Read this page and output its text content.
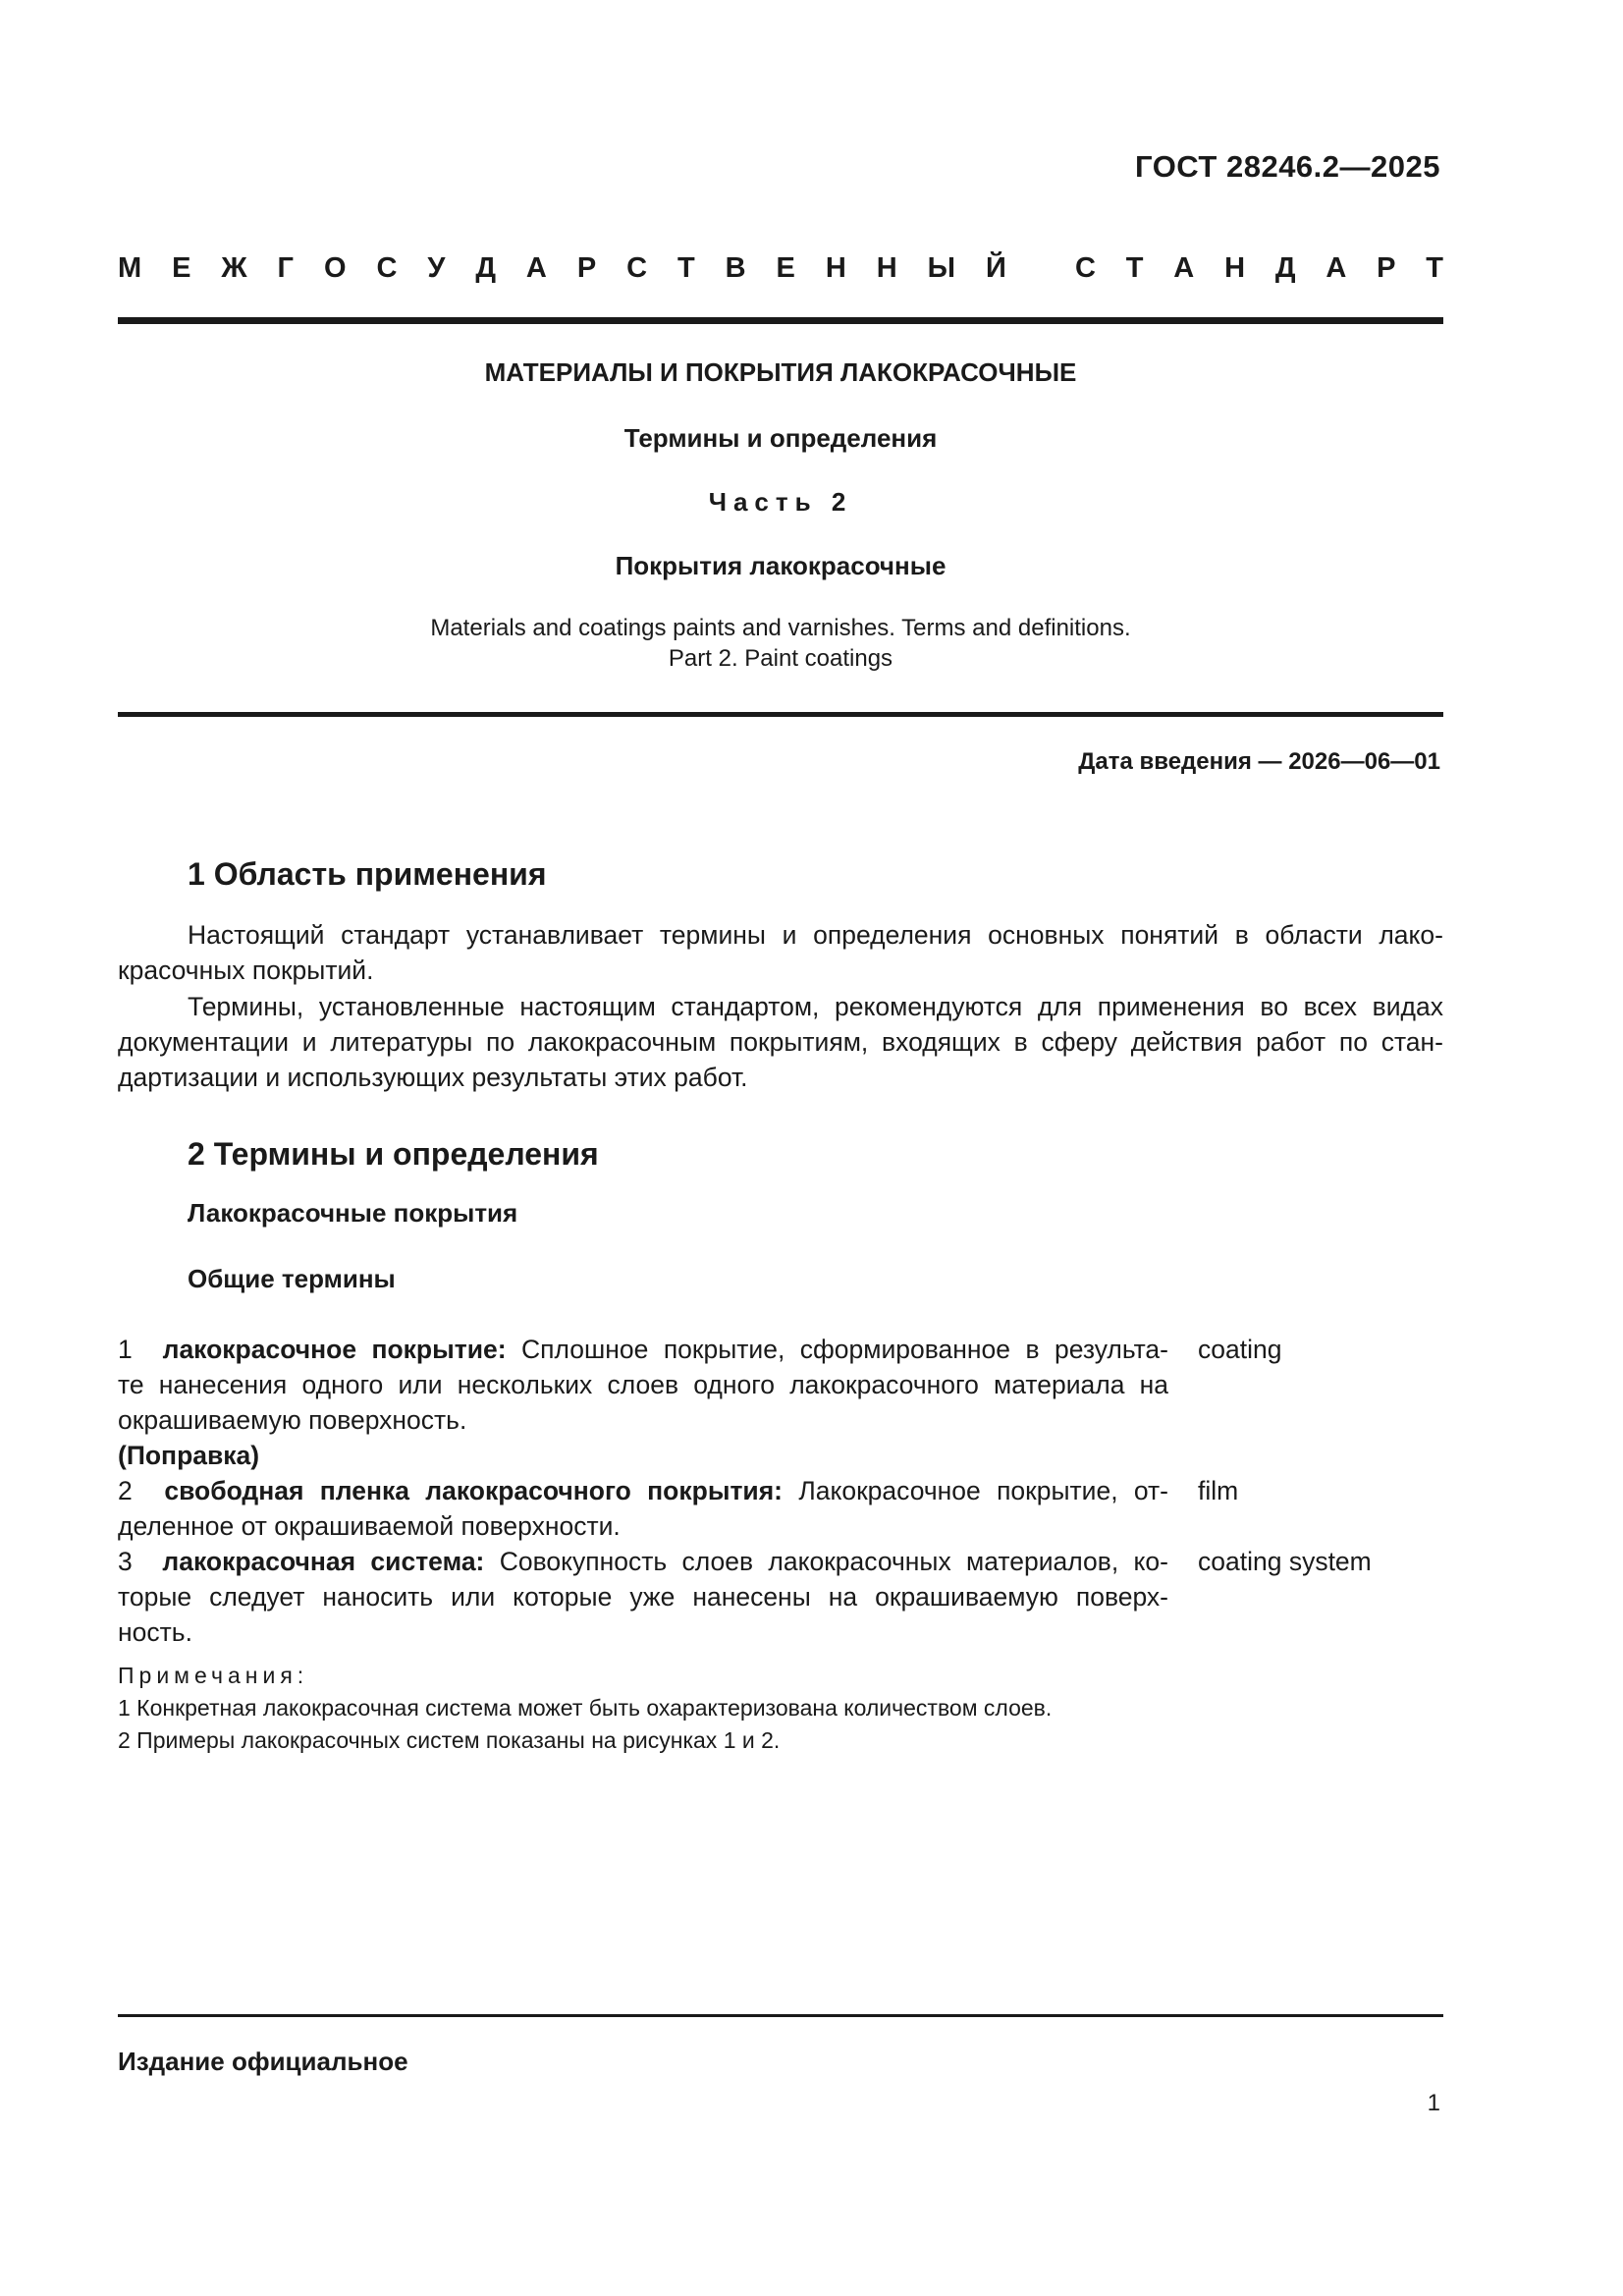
ГОСТ 28246.2—2025
М Е Ж Г О С У Д А Р С Т В Е Н Н Ы Й С Т А Н Д А Р Т
МАТЕРИАЛЫ И ПОКРЫТИЯ ЛАКОКРАСОЧНЫЕ
Термины и определения
Часть 2
Покрытия лакокрасочные
Materials and coatings paints and varnishes. Terms and definitions.
Part 2. Paint coatings
Дата введения — 2026—06—01
1 Область применения
Настоящий стандарт устанавливает термины и определения основных понятий в области лако-
красочных покрытий.
Термины, установленные настоящим стандартом, рекомендуются для применения во всех видах
документации и литературы по лакокрасочным покрытиям, входящих в сферу действия работ по стан-
дартизации и использующих результаты этих работ.
2 Термины и определения
Лакокрасочные покрытия
Общие термины
1 лакокрасочное покрытие: Сплошное покрытие, сформированное в результа-
те нанесения одного или нескольких слоев одного лакокрасочного материала на
окрашиваемую поверхность.
(Поправка)
coating
2 свободная пленка лакокрасочного покрытия: Лакокрасочное покрытие, от-
деленное от окрашиваемой поверхности.
film
3 лакокрасочная система: Совокупность слоев лакокрасочных материалов, ко-
торые следует наносить или которые уже нанесены на окрашиваемую поверх-
ность.
coating system
Примечания:
1 Конкретная лакокрасочная система может быть охарактеризована количеством слоев.
2 Примеры лакокрасочных систем показаны на рисунках 1 и 2.
Издание официальное
1
